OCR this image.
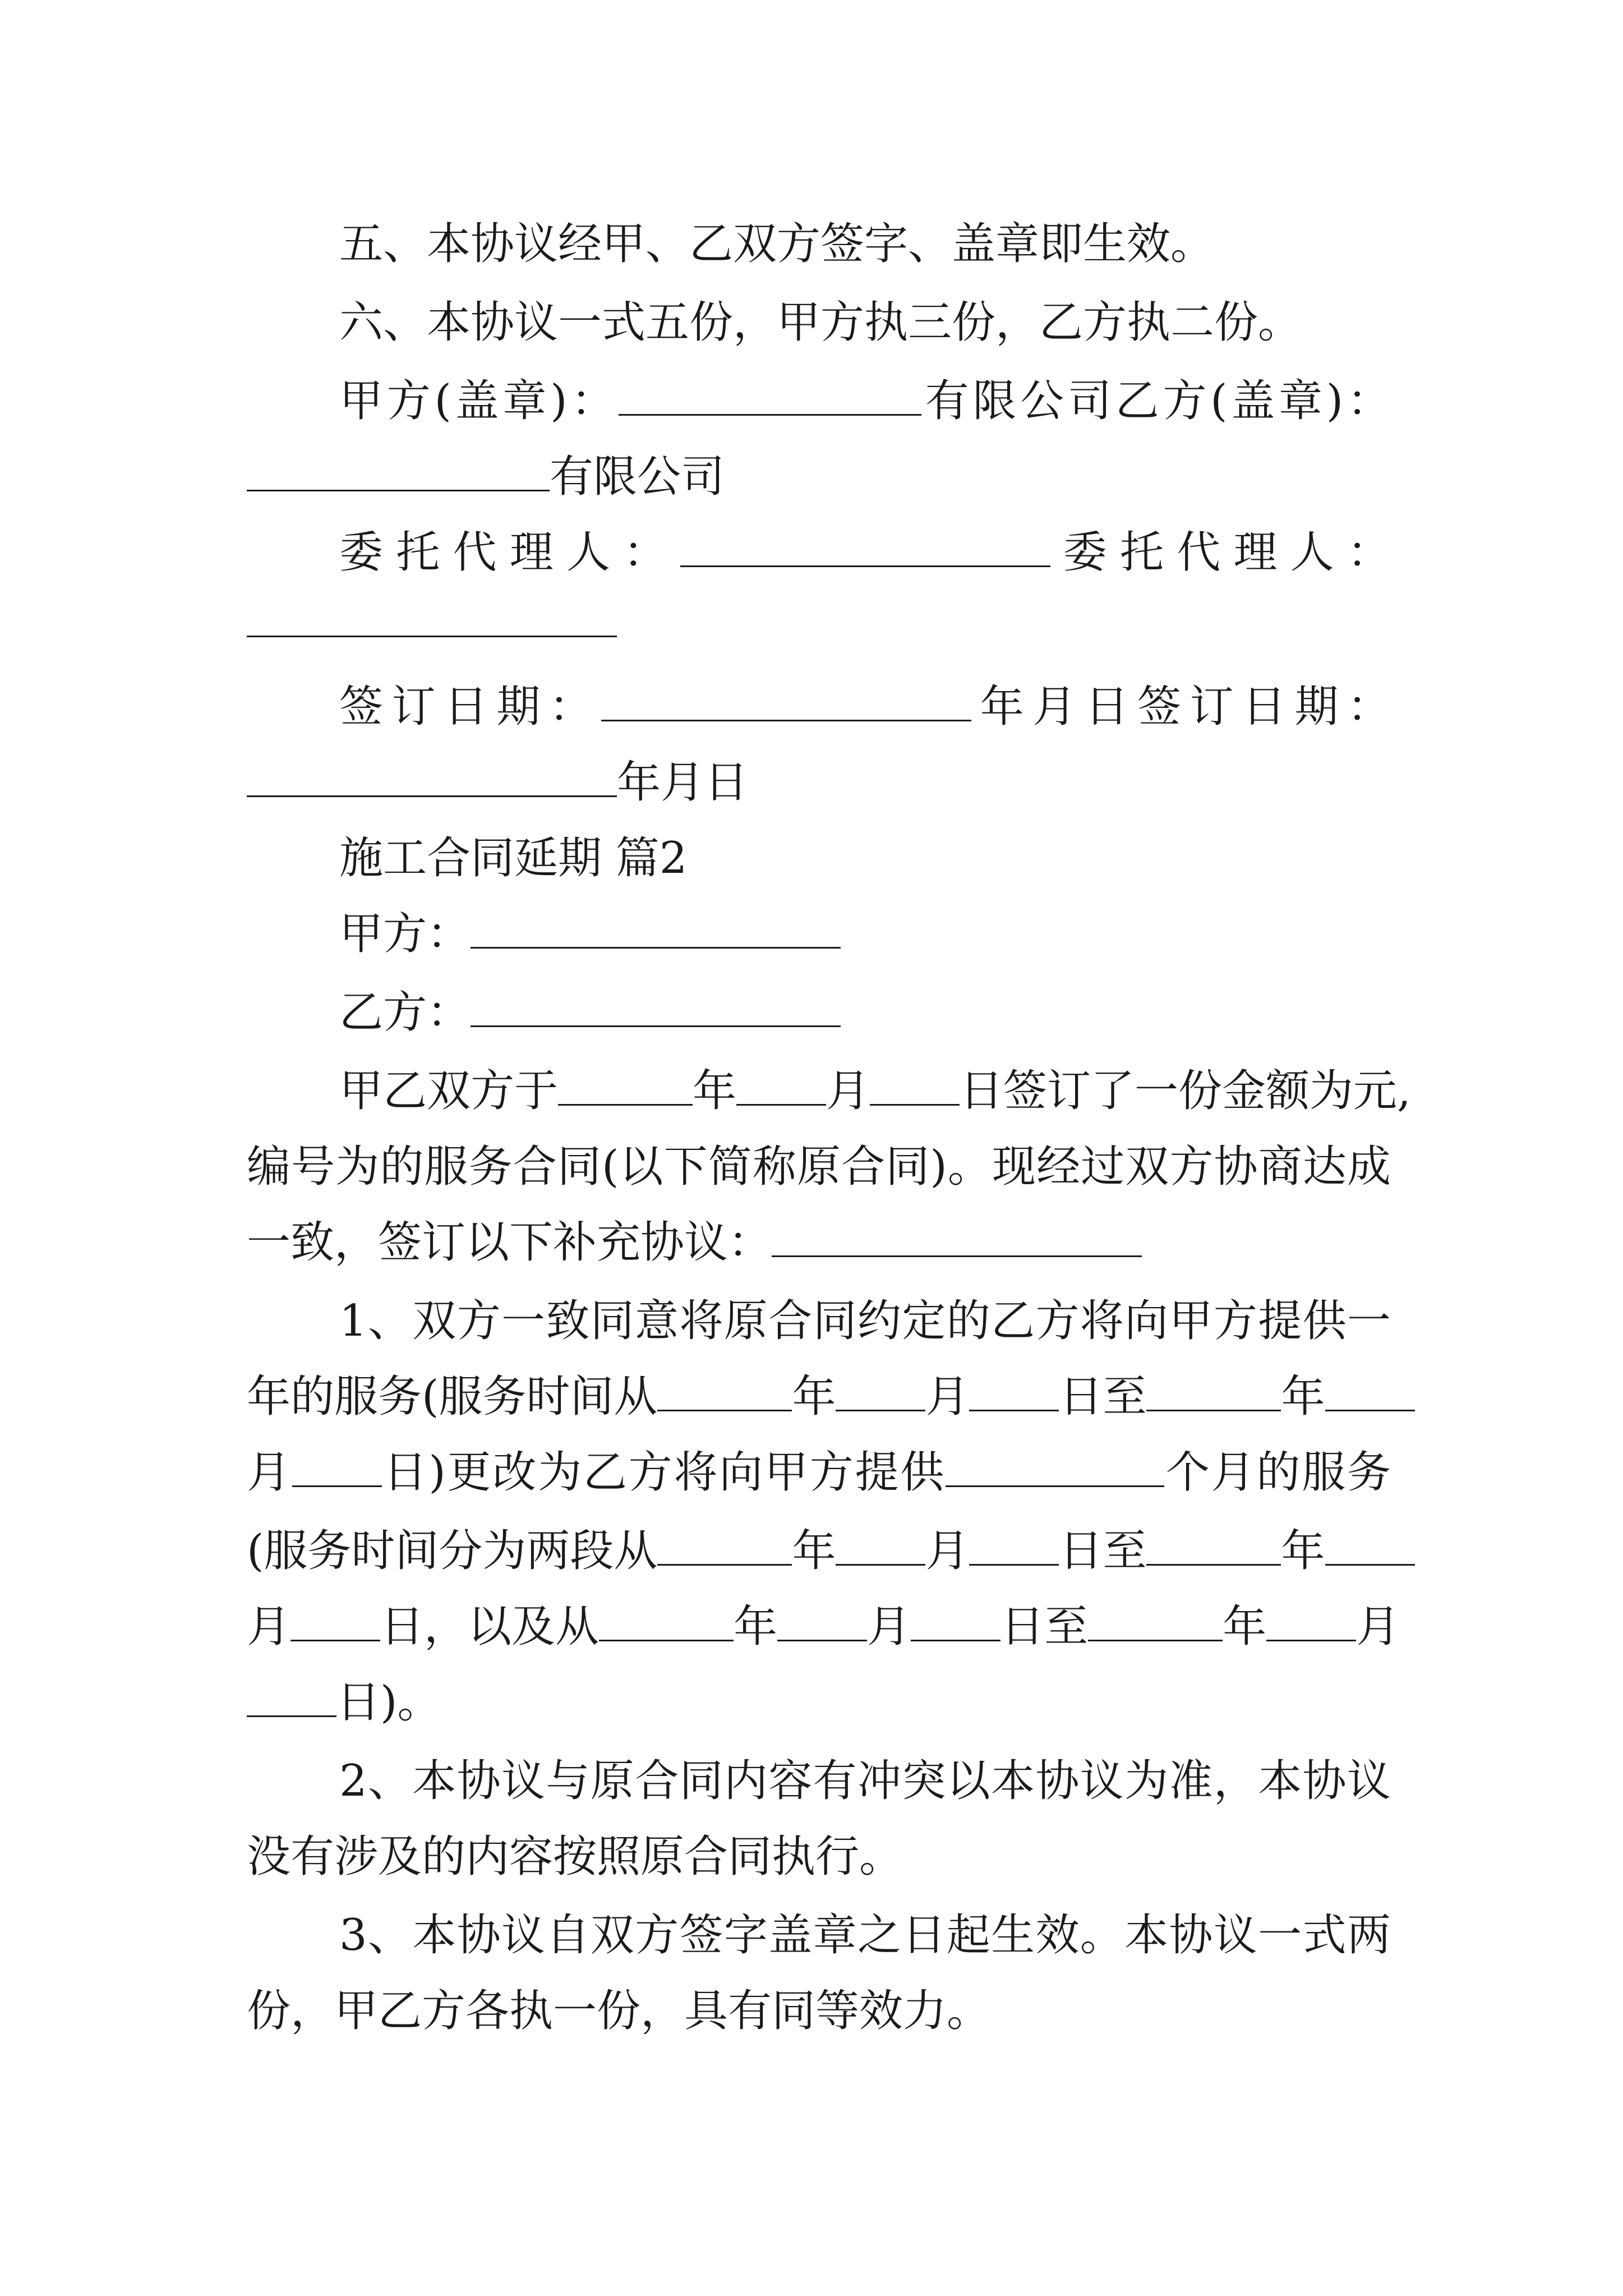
五、本协议经甲、乙双方签字、盖章即生效。
六、本协议一式五份，甲方执三份，乙方执二份。
甲方(盖章)：	有限公司乙方(盖章)：
有限公司
委托代理人：	委托代理人：
签订日期：	年月日签订日期：
年月日
施工合同延期 篇2
甲方：
乙方：
甲乙双方于	年 月 日签订了一份金额为元,
编号为的服务合同(以下简称原合同)。现经过双方协商达成
一致，签订以下补充协议：
1、双方一致同意将原合同约定的乙方将向甲方提供一
年的服务(服务时间从	年 月 日至	年
月 日)更改为乙方将向甲方提供	个月的服务
(服务时间分为两段从	年 月 日至	年
月 日，以及从	年 月 日至	年 月
日)。
2、本协议与原合同内容有冲突以本协议为准，本协议
没有涉及的内容按照原合同执行。
3、本协议自双方签字盖章之日起生效。本协议一式两
份，甲乙方各执一份，具有同等效力。
